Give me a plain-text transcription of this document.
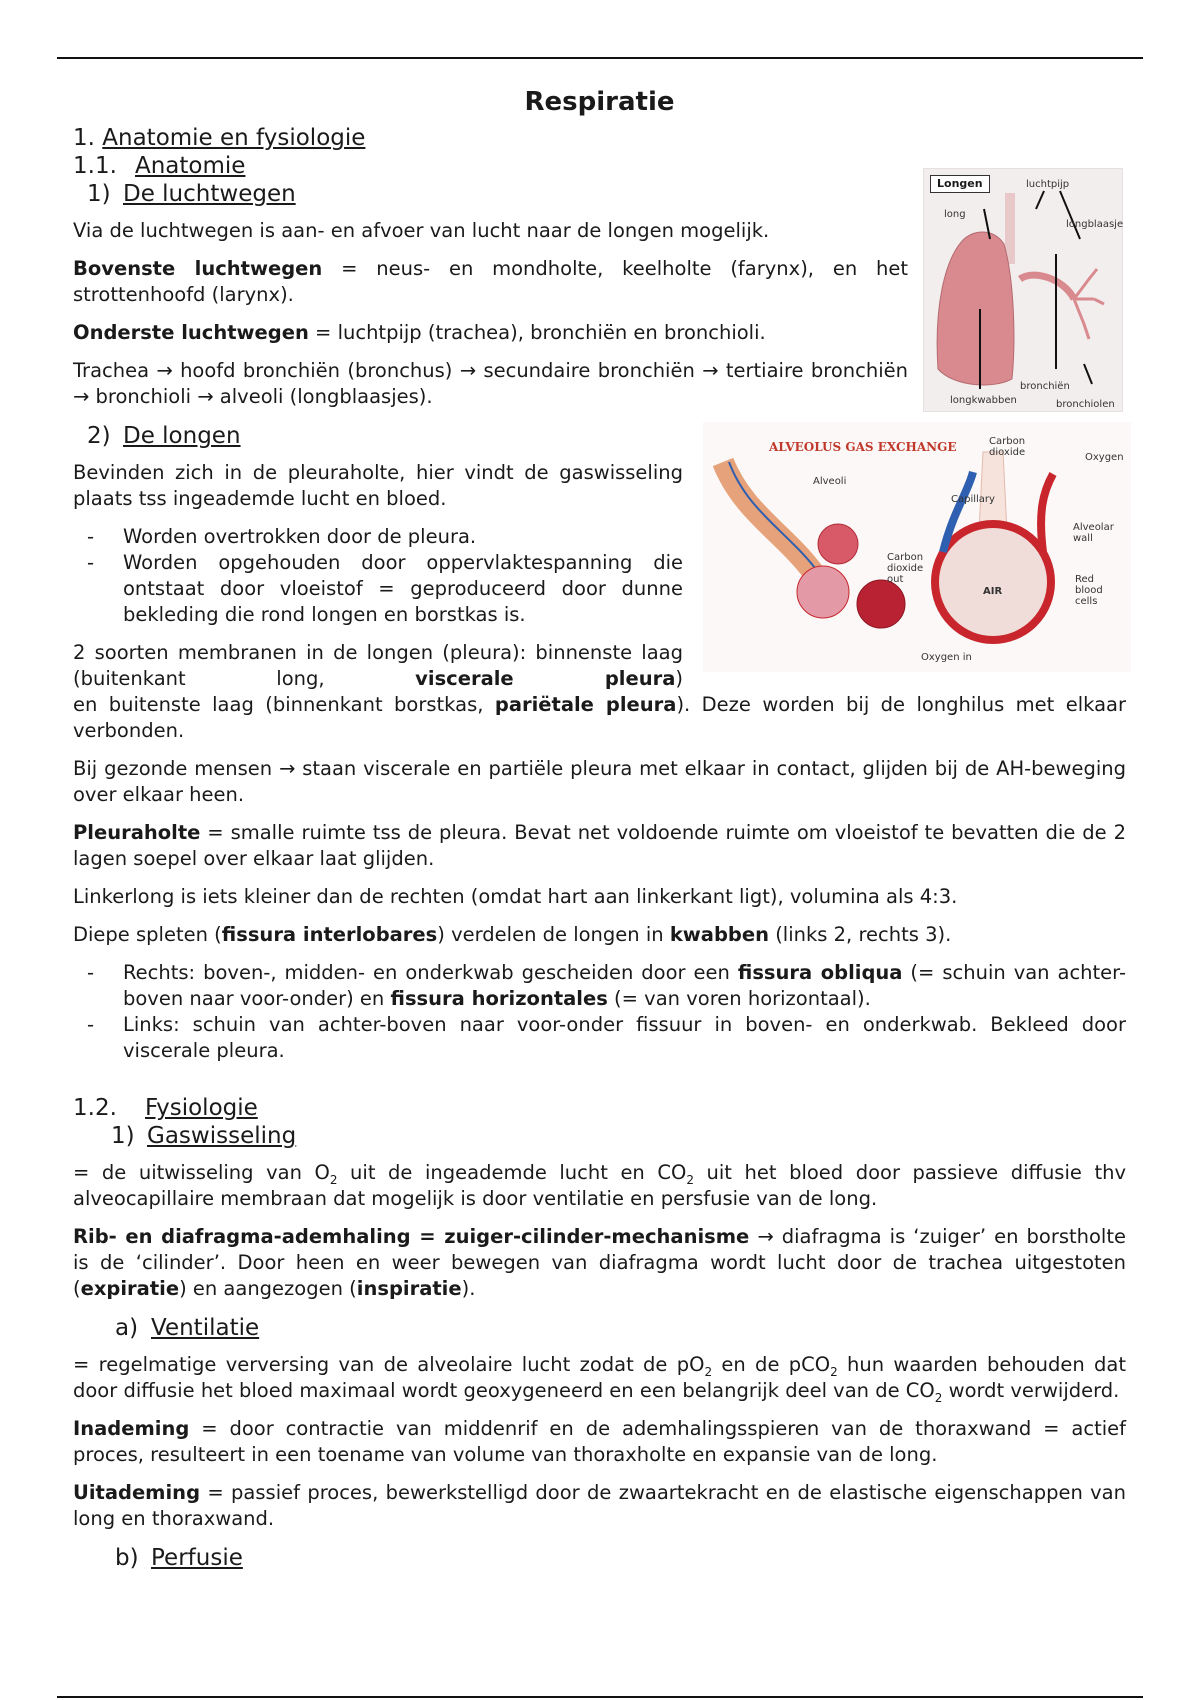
Respiratie
1. Anatomie en fysiologie
1.1. Anatomie
1) De luchtwegen

Via de luchtwegen is aan- en afvoer van lucht naar de longen mogelijk.

Bovenste luchtwegen = neus- en mondholte, keelholte (farynx), en het strottenhoofd (larynx).

Onderste luchtwegen = luchtpijp (trachea), bronchiën en bronchioli.

Trachea → hoofd bronchiën (bronchus) → secundaire bronchiën → tertiaire bronchiën → bronchioli → alveoli (longblaasjes).

2) De longen

Bevinden zich in de pleuraholte, hier vindt de gaswisseling plaats tss ingeademde lucht en bloed.

- Worden overtrokken door de pleura.
- Worden opgehouden door oppervlaktespanning die ontstaat door vloeistof = geproduceerd door dunne bekleding die rond longen en borstkas is.

2 soorten membranen in de longen (pleura): binnenste laag (buitenkant long, viscerale pleura)
en buitenste laag (binnenkant borstkas, pariëtale pleura). Deze worden bij de longhilus met elkaar verbonden.

Bij gezonde mensen → staan viscerale en partiële pleura met elkaar in contact, glijden bij de AH-beweging over elkaar heen.

Pleuraholte = smalle ruimte tss de pleura. Bevat net voldoende ruimte om vloeistof te bevatten die de 2 lagen soepel over elkaar laat glijden.

Linkerlong is iets kleiner dan de rechten (omdat hart aan linkerkant ligt), volumina als 4:3.

Diepe spleten (fissura interlobares) verdelen de longen in kwabben (links 2, rechts 3).

- Rechts: boven-, midden- en onderkwab gescheiden door een fissura obliqua (= schuin van achter-boven naar voor-onder) en fissura horizontales (= van voren horizontaal).
- Links: schuin van achter-boven naar voor-onder fissuur in boven- en onderkwab. Bekleed door viscerale pleura.
1.2. Fysiologie
1) Gaswisseling

= de uitwisseling van $O_2$ uit de ingeademde lucht en $CO_2$ uit het bloed door passieve diffusie thv alveocapillaire membraan dat mogelijk is door ventilatie en persfusie van de long.

Rib- en diafragma-ademhaling = zuiger-cilinder-mechanisme → diafragma is ‘zuiger’ en borstholte is de ‘cilinder’. Door heen en weer bewegen van diafragma wordt lucht door de trachea uitgestoten (expiratie) en aangezogen (inspiratie).

a) Ventilatie

= regelmatige verversing van de alveolaire lucht zodat de $pO_2$ en de pCO$_2$ hun waarden behouden dat door diffusie het bloed maximaal wordt geoxygeneerd en een belangrijk deel van de $CO_2$ wordt verwijderd.

Inademing = door contractie van middenrif en de ademhalingsspieren van de thoraxwand = actief proces, resulteert in een toename van volume van thoraxholte en expansie van de long.

Uitademing = passief proces, bewerkstelligd door de zwaartekracht en de elastische eigenschappen van long en thoraxwand.

b) Perfusie
Longen	luchtpijp
long
longblaasje
bronchiën
longkwabben	bronchiolen
ALVEOLUS GAS EXCHANGE
Alveoli
Capillary
Carbon dioxide out
Alveolar wall
Red blood cells
Oxygen in
AIR
Carbon dioxide	Oxygen
